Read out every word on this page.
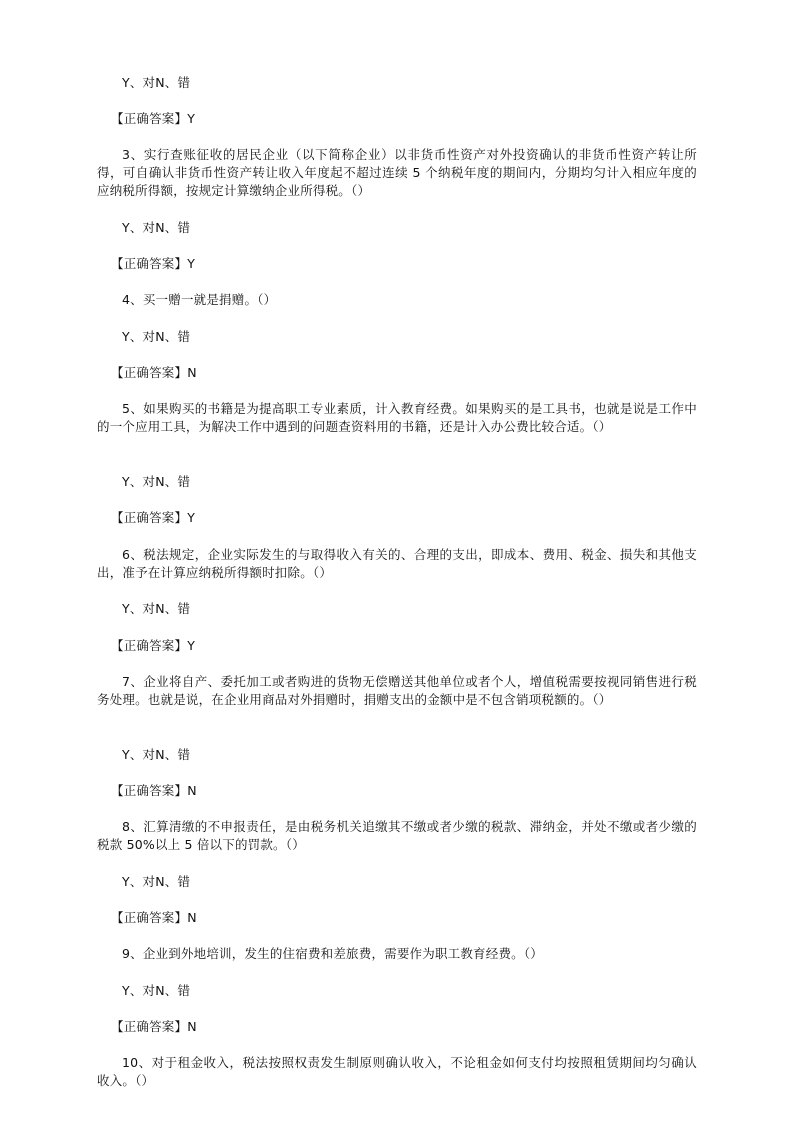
Y、对N、错
【正确答案】Y
3、实行查账征收的居民企业（以下简称企业）以非货币性资产对外投资确认的非货币性资产转让所得，可自确认非货币性资产转让收入年度起不超过连续 5 个纳税年度的期间内，分期均匀计入相应年度的应纳税所得额，按规定计算缴纳企业所得税。（）
Y、对N、错
【正确答案】Y
4、买一赠一就是捐赠。（）
Y、对N、错
【正确答案】N
5、如果购买的书籍是为提高职工专业素质，计入教育经费。如果购买的是工具书，也就是说是工作中的一个应用工具，为解决工作中遇到的问题查资料用的书籍，还是计入办公费比较合适。（）
Y、对N、错
【正确答案】Y
6、税法规定，企业实际发生的与取得收入有关的、合理的支出，即成本、费用、税金、损失和其他支出，准予在计算应纳税所得额时扣除。（）
Y、对N、错
【正确答案】Y
7、企业将自产、委托加工或者购进的货物无偿赠送其他单位或者个人，增值税需要按视同销售进行税务处理。也就是说，在企业用商品对外捐赠时，捐赠支出的金额中是不包含销项税额的。（）
Y、对N、错
【正确答案】N
8、汇算清缴的不申报责任，是由税务机关追缴其不缴或者少缴的税款、滞纳金，并处不缴或者少缴的税款 50%以上 5 倍以下的罚款。（）
Y、对N、错
【正确答案】N
9、企业到外地培训，发生的住宿费和差旅费，需要作为职工教育经费。（）
Y、对N、错
【正确答案】N
10、对于租金收入，税法按照权责发生制原则确认收入，不论租金如何支付均按照租赁期间均匀确认收入。（）
